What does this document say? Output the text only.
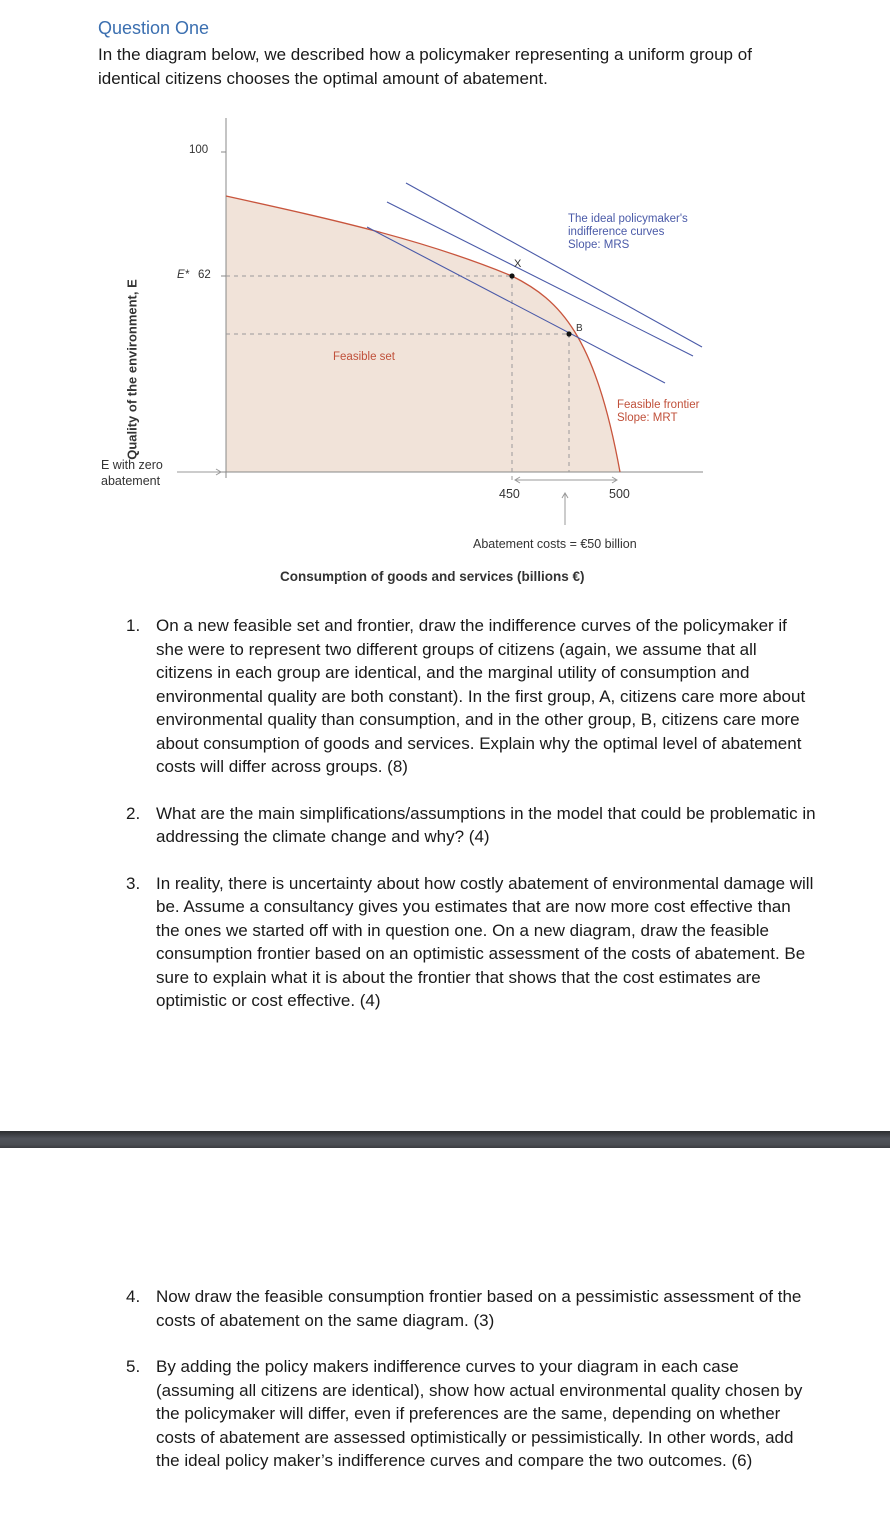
Question One
In the diagram below, we described how a policymaker representing a uniform group of identical citizens chooses the optimal amount of abatement.
100
E* 62
Quality of the environment, E
E with zero
abatement
450	500
X
B
Feasible set
The ideal policymaker's
indifference curves
Slope: MRS
Feasible frontier
Slope: MRT
Abatement costs = €50 billion
Consumption of goods and services (billions €)
1. On a new feasible set and frontier, draw the indifference curves of the policymaker if she were to represent two different groups of citizens (again, we assume that all citizens in each group are identical, and the marginal utility of consumption and environmental quality are both constant). In the first group, A, citizens care more about environmental quality than consumption, and in the other group, B, citizens care more about consumption of goods and services. Explain why the optimal level of abatement costs will differ across groups. (8)
2. What are the main simplifications/assumptions in the model that could be problematic in addressing the climate change and why? (4)
3. In reality, there is uncertainty about how costly abatement of environmental damage will be. Assume a consultancy gives you estimates that are now more cost effective than the ones we started off with in question one. On a new diagram, draw the feasible consumption frontier based on an optimistic assessment of the costs of abatement. Be sure to explain what it is about the frontier that shows that the cost estimates are optimistic or cost effective. (4)
4. Now draw the feasible consumption frontier based on a pessimistic assessment of the costs of abatement on the same diagram. (3)
5. By adding the policy makers indifference curves to your diagram in each case (assuming all citizens are identical), show how actual environmental quality chosen by the policymaker will differ, even if preferences are the same, depending on whether costs of abatement are assessed optimistically or pessimistically. In other words, add the ideal policy maker’s indifference curves and compare the two outcomes. (6)
